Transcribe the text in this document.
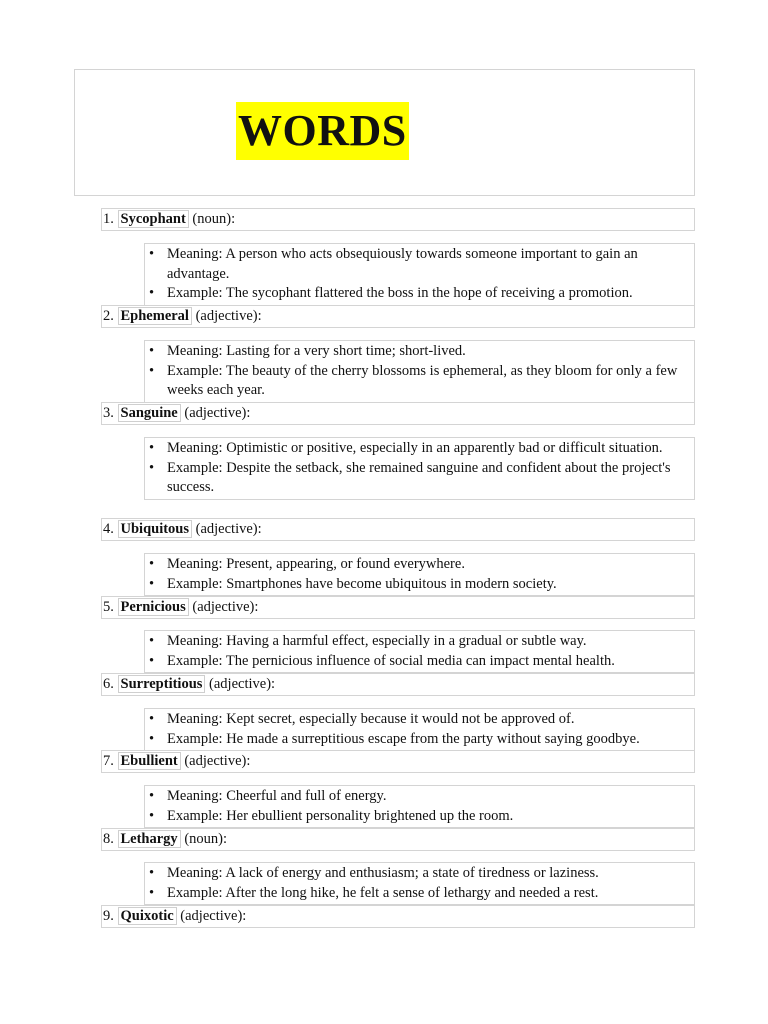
WORDS
1. Sycophant (noun):
• Meaning: A person who acts obsequiously towards someone important to gain an advantage.
• Example: The sycophant flattered the boss in the hope of receiving a promotion.
2. Ephemeral (adjective):
• Meaning: Lasting for a very short time; short-lived.
• Example: The beauty of the cherry blossoms is ephemeral, as they bloom for only a few weeks each year.
3. Sanguine (adjective):
• Meaning: Optimistic or positive, especially in an apparently bad or difficult situation.
• Example: Despite the setback, she remained sanguine and confident about the project's success.
4. Ubiquitous (adjective):
• Meaning: Present, appearing, or found everywhere.
• Example: Smartphones have become ubiquitous in modern society.
5. Pernicious (adjective):
• Meaning: Having a harmful effect, especially in a gradual or subtle way.
• Example: The pernicious influence of social media can impact mental health.
6. Surreptitious (adjective):
• Meaning: Kept secret, especially because it would not be approved of.
• Example: He made a surreptitious escape from the party without saying goodbye.
7. Ebullient (adjective):
• Meaning: Cheerful and full of energy.
• Example: Her ebullient personality brightened up the room.
8. Lethargy (noun):
• Meaning: A lack of energy and enthusiasm; a state of tiredness or laziness.
• Example: After the long hike, he felt a sense of lethargy and needed a rest.
9. Quixotic (adjective):
